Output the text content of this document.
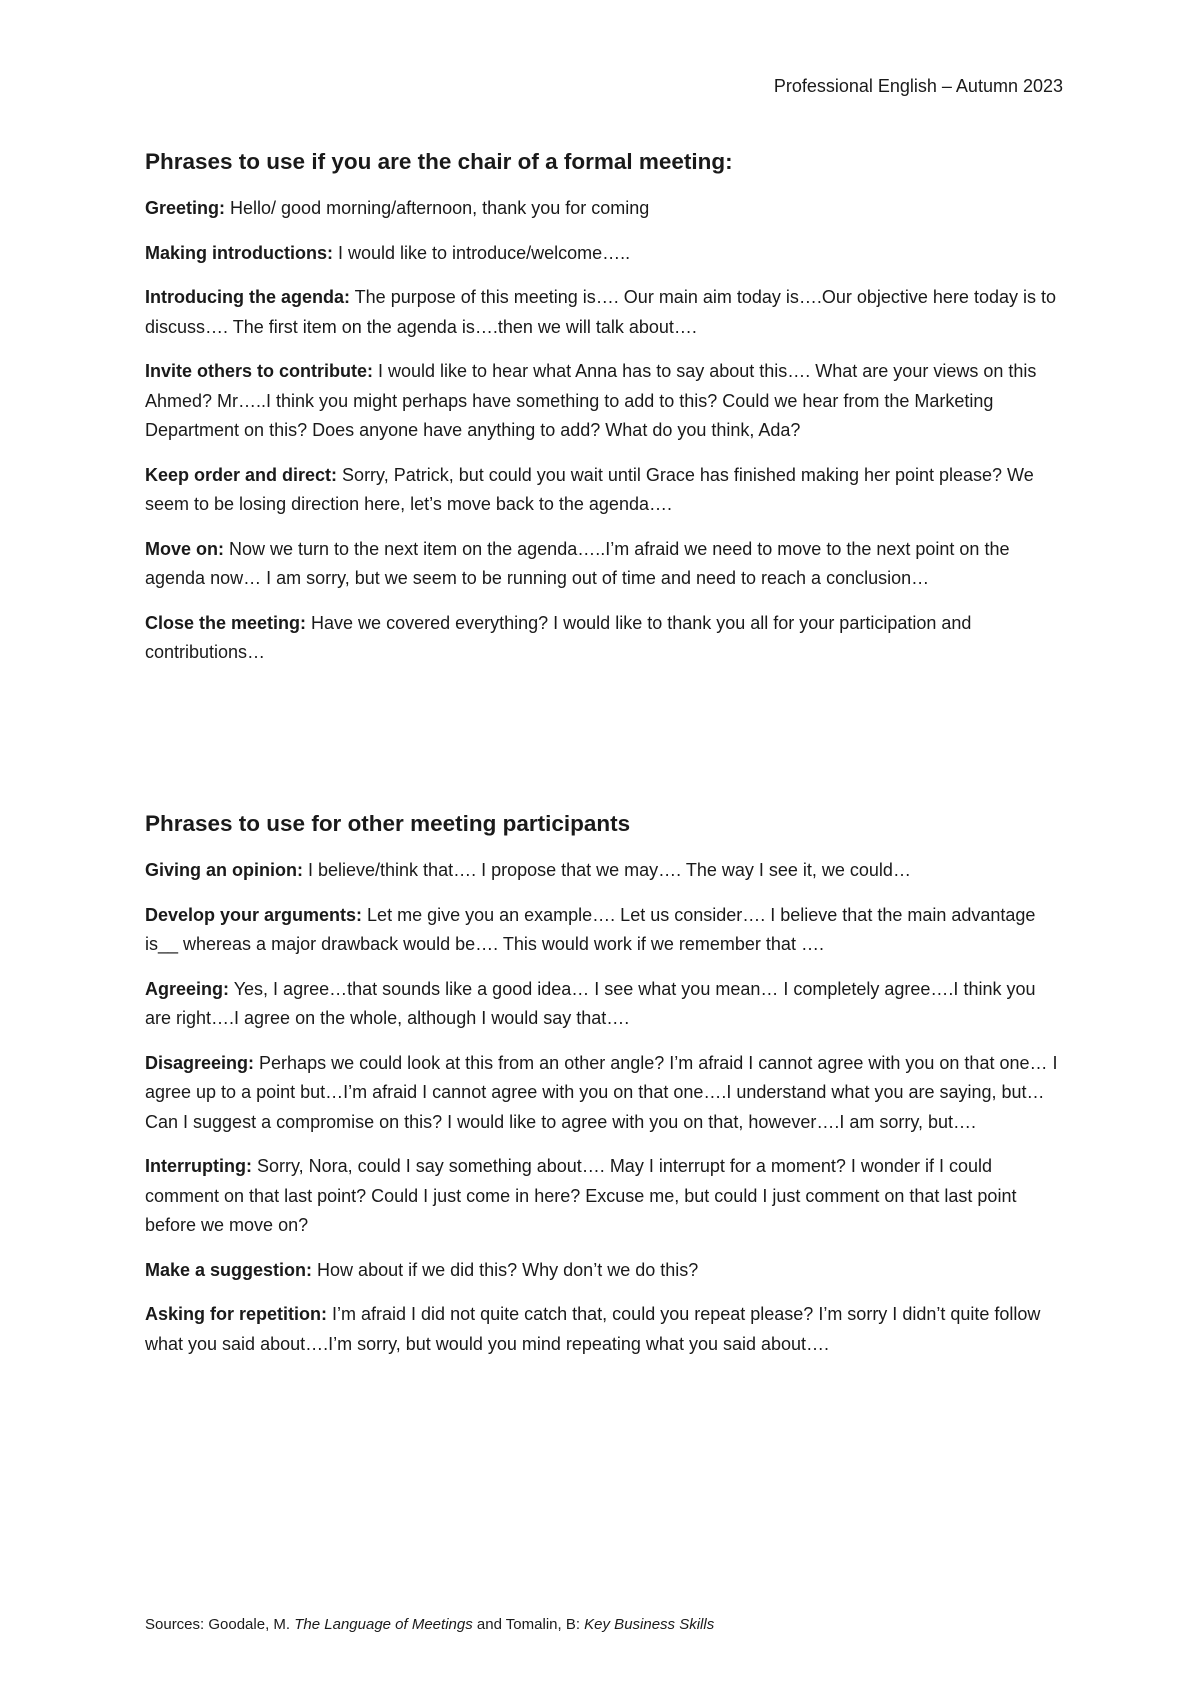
Professional English – Autumn 2023
Phrases to use if you are the chair of a formal meeting:
Greeting: Hello/ good morning/afternoon, thank you for coming
Making introductions: I would like to introduce/welcome…..
Introducing the agenda: The purpose of this meeting is…. Our main aim today is….Our objective here today is to discuss…. The first item on the agenda is….then we will talk about….
Invite others to contribute: I would like to hear what Anna has to say about this…. What are your views on this Ahmed? Mr…..I think you might perhaps have something to add to this? Could we hear from the Marketing Department on this? Does anyone have anything to add? What do you think, Ada?
Keep order and direct: Sorry, Patrick, but could you wait until Grace has finished making her point please? We seem to be losing direction here, let’s move back to the agenda….
Move on: Now we turn to the next item on the agenda…..I’m afraid we need to move to the next point on the agenda now… I am sorry, but we seem to be running out of time and need to reach a conclusion…
Close the meeting: Have we covered everything? I would like to thank you all for your participation and contributions…
Phrases to use for other meeting participants
Giving an opinion: I believe/think that…. I propose that we may…. The way I see it, we could…
Develop your arguments: Let me give you an example…. Let us consider…. I believe that the main advantage is__ whereas a major drawback would be…. This would work if we remember that ….
Agreeing: Yes, I agree…that sounds like a good idea… I see what you mean… I completely agree….I think you are right….I agree on the whole, although I would say that….
Disagreeing: Perhaps we could look at this from an other angle? I’m afraid I cannot agree with you on that one… I agree up to a point but…I’m afraid I cannot agree with you on that one….I understand what you are saying, but… Can I suggest a compromise on this? I would like to agree with you on that, however….I am sorry, but….
Interrupting: Sorry, Nora, could I say something about…. May I interrupt for a moment? I wonder if I could comment on that last point? Could I just come in here? Excuse me, but could I just comment on that last point before we move on?
Make a suggestion: How about if we did this? Why don’t we do this?
Asking for repetition: I’m afraid I did not quite catch that, could you repeat please? I’m sorry I didn’t quite follow what you said about….I’m sorry, but would you mind repeating what you said about….
Sources: Goodale, M. The Language of Meetings and Tomalin, B: Key Business Skills
